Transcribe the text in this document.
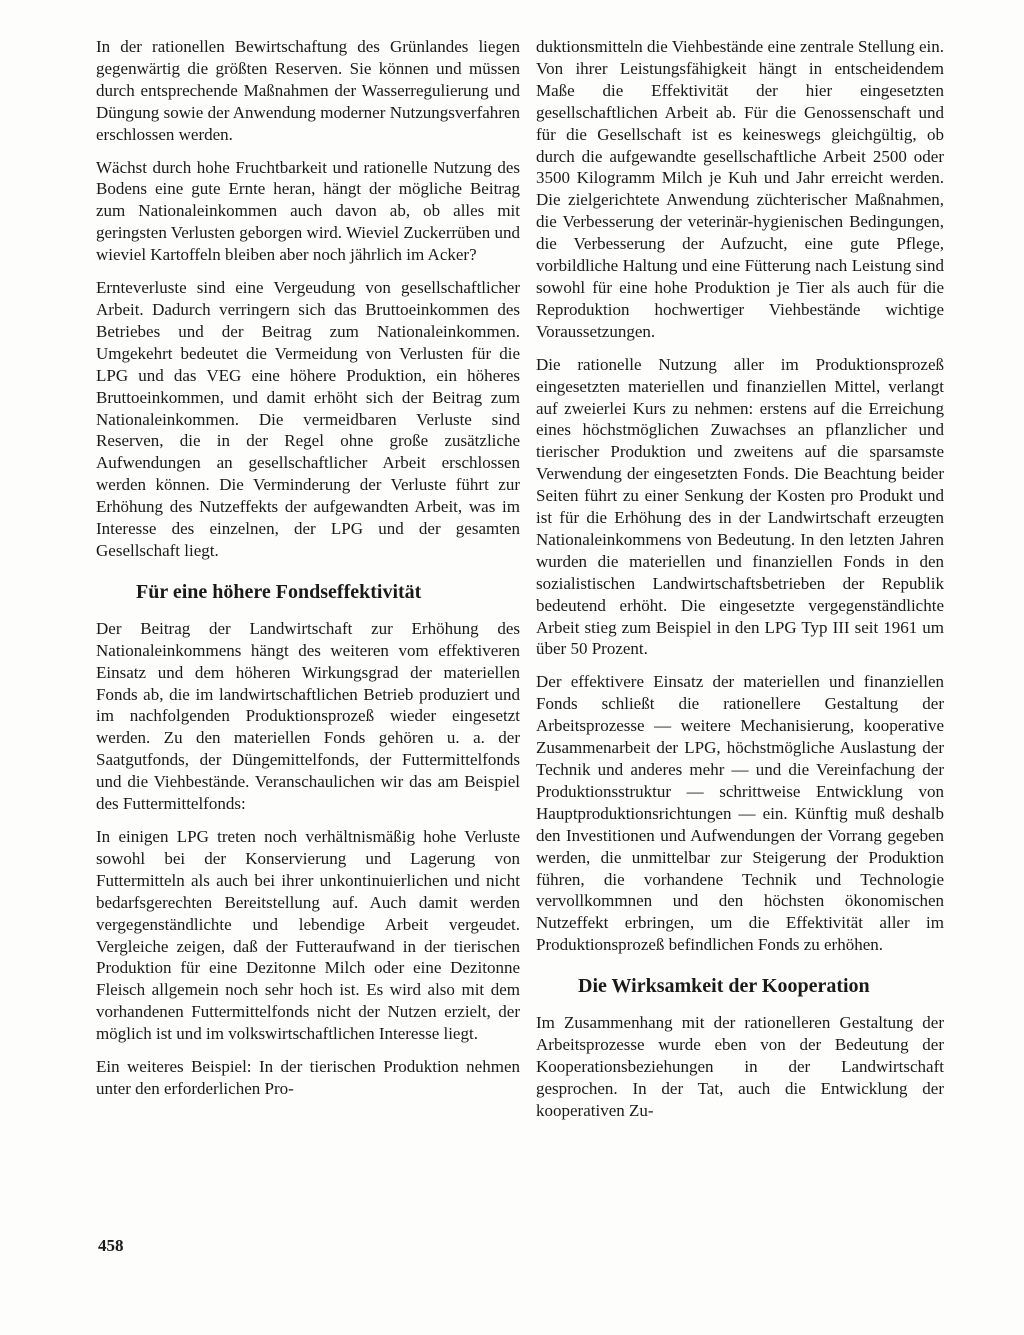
In der rationellen Bewirtschaftung des Grünlandes liegen gegenwärtig die größten Reserven. Sie können und müssen durch entsprechende Maßnahmen der Wasserregulierung und Düngung sowie der Anwendung moderner Nutzungsverfahren erschlossen werden.

Wächst durch hohe Fruchtbarkeit und rationelle Nutzung des Bodens eine gute Ernte heran, hängt der mögliche Beitrag zum Nationaleinkommen auch davon ab, ob alles mit geringsten Verlusten geborgen wird. Wieviel Zuckerrüben und wieviel Kartoffeln bleiben aber noch jährlich im Acker?

Ernteverluste sind eine Vergeudung von gesellschaftlicher Arbeit. Dadurch verringern sich das Bruttoeinkommen des Betriebes und der Beitrag zum Nationaleinkommen. Umgekehrt bedeutet die Vermeidung von Verlusten für die LPG und das VEG eine höhere Produktion, ein höheres Bruttoeinkommen, und damit erhöht sich der Beitrag zum Nationaleinkommen. Die vermeidbaren Verluste sind Reserven, die in der Regel ohne große zusätzliche Aufwendungen an gesellschaftlicher Arbeit erschlossen werden können. Die Verminderung der Verluste führt zur Erhöhung des Nutzeffekts der aufgewandten Arbeit, was im Interesse des einzelnen, der LPG und der gesamten Gesellschaft liegt.

Für eine höhere Fondseffektivität

Der Beitrag der Landwirtschaft zur Erhöhung des Nationaleinkommens hängt des weiteren vom effektiveren Einsatz und dem höheren Wirkungsgrad der materiellen Fonds ab, die im landwirtschaftlichen Betrieb produziert und im nachfolgenden Produktionsprozeß wieder eingesetzt werden. Zu den materiellen Fonds gehören u. a. der Saatgutfonds, der Düngemittelfonds, der Futtermittelfonds und die Viehbestände. Veranschaulichen wir das am Beispiel des Futtermittelfonds:

In einigen LPG treten noch verhältnismäßig hohe Verluste sowohl bei der Konservierung und Lagerung von Futtermitteln als auch bei ihrer unkontinuierlichen und nicht bedarfsgerechten Bereitstellung auf. Auch damit werden vergegenständlichte und lebendige Arbeit vergeudet. Vergleiche zeigen, daß der Futteraufwand in der tierischen Produktion für eine Dezitonne Milch oder eine Dezitonne Fleisch allgemein noch sehr hoch ist. Es wird also mit dem vorhandenen Futtermittelfonds nicht der Nutzen erzielt, der möglich ist und im volkswirtschaftlichen Interesse liegt.

Ein weiteres Beispiel: In der tierischen Produktion nehmen unter den erforderlichen Pro-

duktionsmitteln die Viehbestände eine zentrale Stellung ein. Von ihrer Leistungsfähigkeit hängt in entscheidendem Maße die Effektivität der hier eingesetzten gesellschaftlichen Arbeit ab. Für die Genossenschaft und für die Gesellschaft ist es keineswegs gleichgültig, ob durch die aufgewandte gesellschaftliche Arbeit 2500 oder 3500 Kilogramm Milch je Kuh und Jahr erreicht werden. Die zielgerichtete Anwendung züchterischer Maßnahmen, die Verbesserung der veterinär-hygienischen Bedingungen, die Verbesserung der Aufzucht, eine gute Pflege, vorbildliche Haltung und eine Fütterung nach Leistung sind sowohl für eine hohe Produktion je Tier als auch für die Reproduktion hochwertiger Viehbestände wichtige Voraussetzungen.

Die rationelle Nutzung aller im Produktionsprozeß eingesetzten materiellen und finanziellen Mittel, verlangt auf zweierlei Kurs zu nehmen: erstens auf die Erreichung eines höchstmöglichen Zuwachses an pflanzlicher und tierischer Produktion und zweitens auf die sparsamste Verwendung der eingesetzten Fonds. Die Beachtung beider Seiten führt zu einer Senkung der Kosten pro Produkt und ist für die Erhöhung des in der Landwirtschaft erzeugten Nationaleinkommens von Bedeutung. In den letzten Jahren wurden die materiellen und finanziellen Fonds in den sozialistischen Landwirtschaftsbetrieben der Republik bedeutend erhöht. Die eingesetzte vergegenständlichte Arbeit stieg zum Beispiel in den LPG Typ III seit 1961 um über 50 Prozent.

Der effektivere Einsatz der materiellen und finanziellen Fonds schließt die rationellere Gestaltung der Arbeitsprozesse — weitere Mechanisierung, kooperative Zusammenarbeit der LPG, höchstmögliche Auslastung der Technik und anderes mehr — und die Vereinfachung der Produktionsstruktur — schrittweise Entwicklung von Hauptproduktionsrichtungen — ein. Künftig muß deshalb den Investitionen und Aufwendungen der Vorrang gegeben werden, die unmittelbar zur Steigerung der Produktion führen, die vorhandene Technik und Technologie vervollkommnen und den höchsten ökonomischen Nutzeffekt erbringen, um die Effektivität aller im Produktionsprozeß befindlichen Fonds zu erhöhen.

Die Wirksamkeit der Kooperation

Im Zusammenhang mit der rationelleren Gestaltung der Arbeitsprozesse wurde eben von der Bedeutung der Kooperationsbeziehungen in der Landwirtschaft gesprochen. In der Tat, auch die Entwicklung der kooperativen Zu-

458
